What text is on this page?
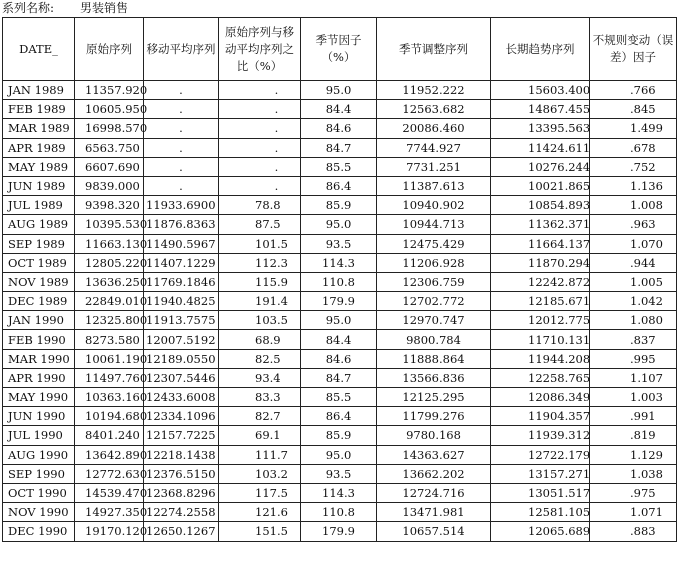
系列名称: 男装销售
DATE_	原始序列	移动平均序列	原始序列与移动平均序列之比（%）	季节因子（%）	季节调整序列	长期趋势序列	不规则变动（误差）因子
JAN 1989	11357.920	.	.	95.0	11952.222	15603.400	.766
FEB 1989	10605.950	.	.	84.4	12563.682	14867.455	.845
MAR 1989	16998.570	.	.	84.6	20086.460	13395.563	1.499
APR 1989	6563.750	.	.	84.7	7744.927	11424.611	.678
MAY 1989	6607.690	.	.	85.5	7731.251	10276.244	.752
JUN 1989	9839.000	.	.	86.4	11387.613	10021.865	1.136
JUL 1989	9398.320	11933.6900	78.8	85.9	10940.902	10854.893	1.008
AUG 1989	10395.530	11876.8363	87.5	95.0	10944.713	11362.371	.963
SEP 1989	11663.130	11490.5967	101.5	93.5	12475.429	11664.137	1.070
OCT 1989	12805.220	11407.1229	112.3	114.3	11206.928	11870.294	.944
NOV 1989	13636.250	11769.1846	115.9	110.8	12306.759	12242.872	1.005
DEC 1989	22849.010	11940.4825	191.4	179.9	12702.772	12185.671	1.042
JAN 1990	12325.800	11913.7575	103.5	95.0	12970.747	12012.775	1.080
FEB 1990	8273.580	12007.5192	68.9	84.4	9800.784	11710.131	.837
MAR 1990	10061.190	12189.0550	82.5	84.6	11888.864	11944.208	.995
APR 1990	11497.760	12307.5446	93.4	84.7	13566.836	12258.765	1.107
MAY 1990	10363.160	12433.6008	83.3	85.5	12125.295	12086.349	1.003
JUN 1990	10194.680	12334.1096	82.7	86.4	11799.276	11904.357	.991
JUL 1990	8401.240	12157.7225	69.1	85.9	9780.168	11939.312	.819
AUG 1990	13642.890	12218.1438	111.7	95.0	14363.627	12722.179	1.129
SEP 1990	12772.630	12376.5150	103.2	93.5	13662.202	13157.271	1.038
OCT 1990	14539.470	12368.8296	117.5	114.3	12724.716	13051.517	.975
NOV 1990	14927.350	12274.2558	121.6	110.8	13471.981	12581.105	1.071
DEC 1990	19170.120	12650.1267	151.5	179.9	10657.514	12065.689	.883
